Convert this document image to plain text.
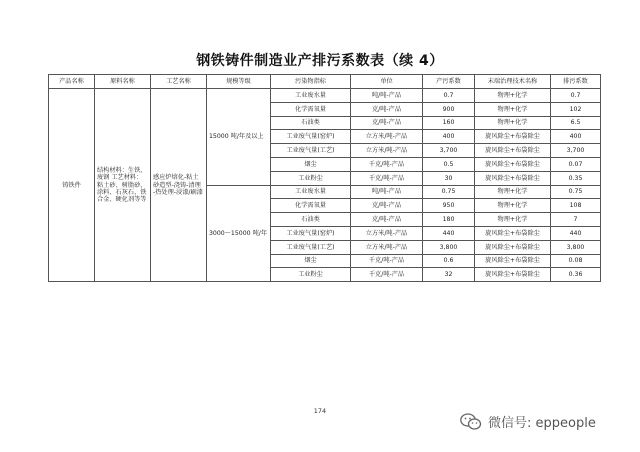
钢铁铸件制造业产排污系数表（续 4）
产品名称	原料名称	工艺名称	规模等级	污染物指标	单位	产污系数	末端治理技术名称	排污系数
铸铁件	结构材料：生铁、废钢 工艺材料：粘土砂、树脂砂、涂料、石灰石、铁合金、硬化剂等等	感应炉熔化-粘土砂造型-浇铸-清理 -热处理-浸漆/刷漆	15000 吨/年及以上	工业废水量	吨/吨-产品	0.7	物理+化学	0.7
				化学需氧量	克/吨-产品	900	物理+化学	102
				石油类	克/吨-产品	160	物理+化学	6.5
				工业废气量(窑炉)	立方米/吨-产品	400	旋风除尘+布袋除尘	400
				工业废气量(工艺)	立方米/吨-产品	3,700	旋风除尘+布袋除尘	3,700
				烟尘	千克/吨-产品	0.5	旋风除尘+布袋除尘	0.07
				工业粉尘	千克/吨-产品	30	旋风除尘+布袋除尘	0.35
			3000～15000 吨/年	工业废水量	吨/吨-产品	0.75	物理+化学	0.75
				化学需氧量	克/吨-产品	950	物理+化学	108
				石油类	克/吨-产品	180	物理+化学	7
				工业废气量(窑炉)	立方米/吨-产品	440	旋风除尘+布袋除尘	440
				工业废气量(工艺)	立方米/吨-产品	3,800	旋风除尘+布袋除尘	3,800
				烟尘	千克/吨-产品	0.6	旋风除尘+布袋除尘	0.08
				工业粉尘	千克/吨-产品	32	旋风除尘+布袋除尘	0.36
174
微信号: eppeople
